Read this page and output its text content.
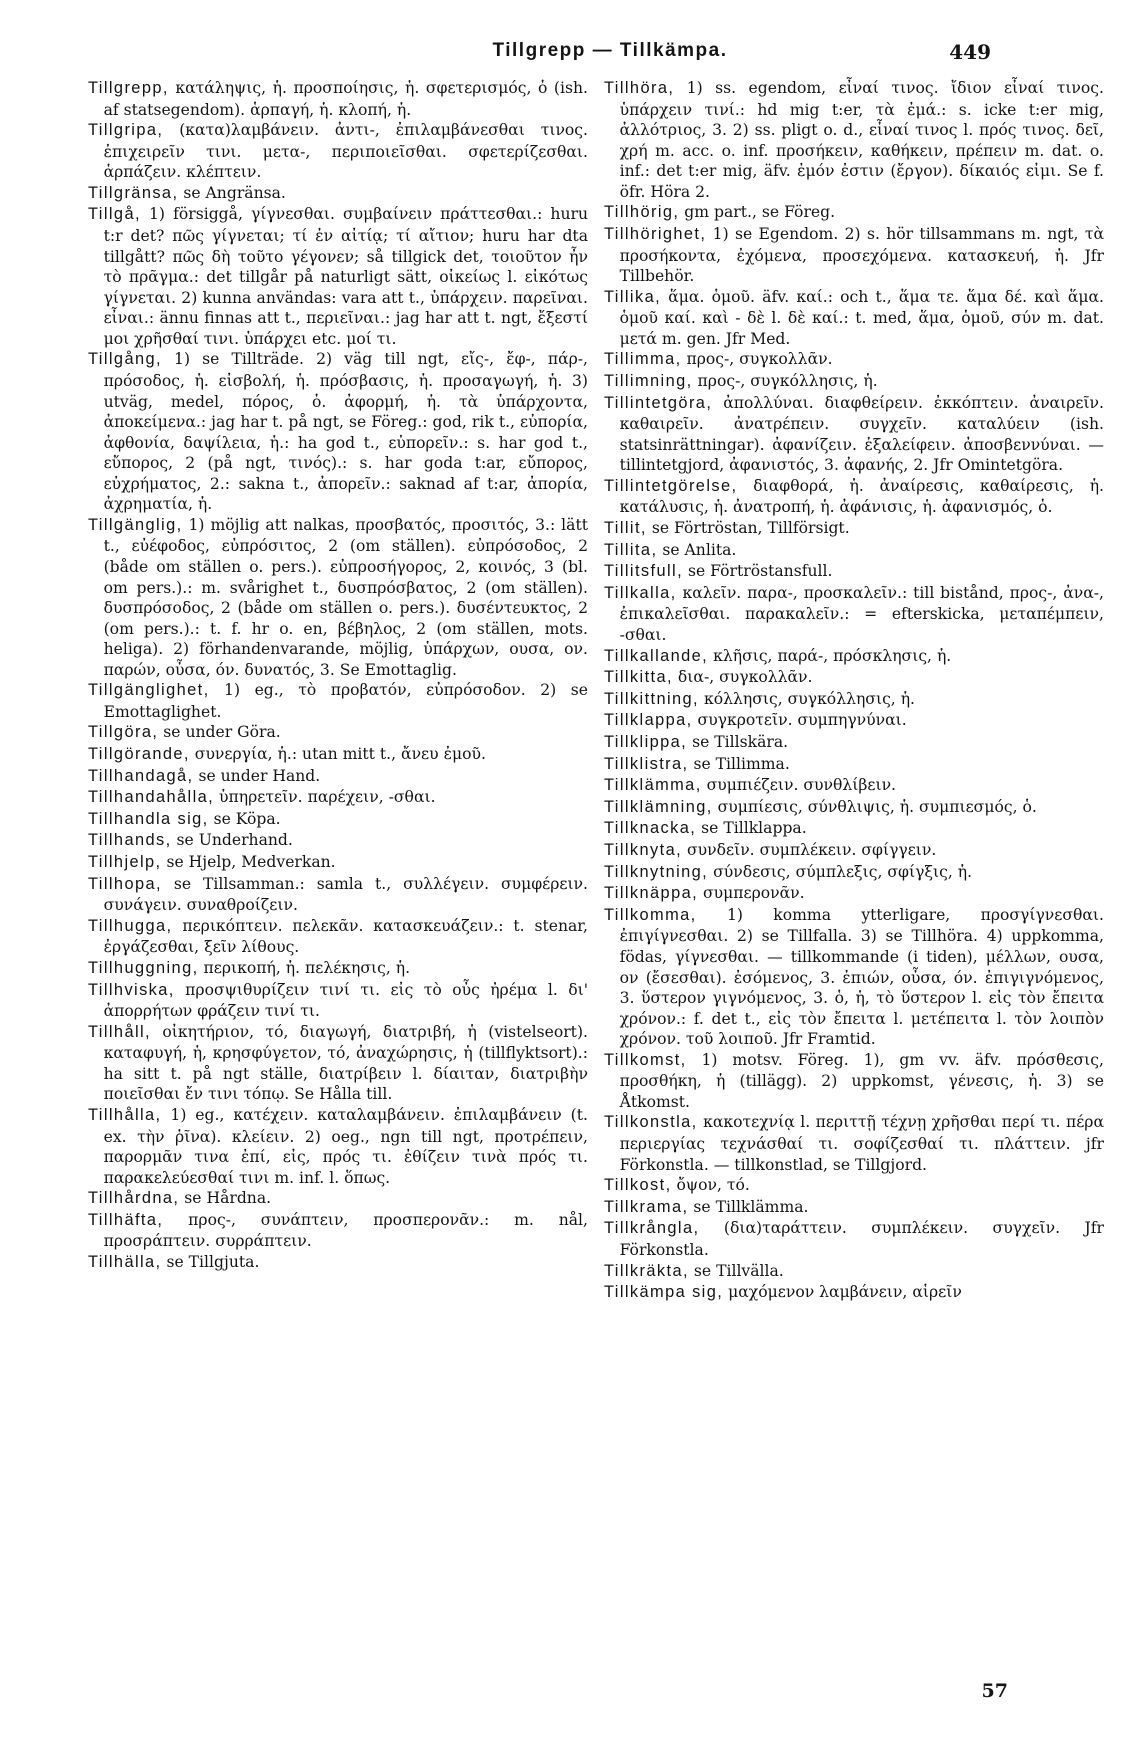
Tillgrepp — Tillkämpa.	449

Tillgrepp, κατάληψις, ἡ. προσποίησις, ἡ. σφετερισμός, ὁ (ish. af statsegendom). ἁρπαγή, ἡ. κλοπή, ἡ.

Tillgripa, (κατα)λαμβάνειν. ἀντι-, ἐπιλαμβάνεσθαι τινος. ἐπιχειρεῖν τινι. μετα-, περιποιεῖσθαι. σφετερίζεσθαι. ἁρπάζειν. κλέπτειν.

Tillgränsa, se Angränsa.

Tillgå, 1) försiggå, γίγνεσθαι. συμβαίνειν πράττεσθαι.: huru t:r det? πῶς γίγνεται; τί ἐν αἰτίᾳ; τί αἴτιον; huru har dta tillgått? πῶς δὴ τοῦτο γέγονεν; så tillgick det, τοιοῦτον ἦν τὸ πρᾶγμα.: det tillgår på naturligt sätt, οἰκείως l. εἰκότως γίγνεται. 2) kunna användas: vara att t., ὑπάρχειν. παρεῖναι. εἶναι.: ännu finnas att t., περιεῖναι.: jag har att t. ngt, ἔξεστί μοι χρῆσθαί τινι. ὑπάρχει etc. μοί τι.

Tillgång, 1) se Tillträde. 2) väg till ngt, εἴς-, ἔφ-, πάρ-, πρόσοδος, ἡ. εἰσβολή, ἡ. πρόσβασις, ἡ. προσαγωγή, ἡ. 3) utväg, medel, πόρος, ὁ. ἀφορμή, ἡ. τὰ ὑπάρχοντα, ἀποκείμενα.: jag har t. på ngt, se Föreg.: god, rik t., εὐπορία, ἀφθονία, δαψίλεια, ἡ.: ha god t., εὐπορεῖν.: s. har god t., εὔπορος, 2 (på ngt, τινός).: s. har goda t:ar, εὔπορος, εὐχρήματος, 2.: sakna t., ἀπορεῖν.: saknad af t:ar, ἀπορία, ἀχρηματία, ἡ.

Tillgänglig, 1) möjlig att nalkas, προσβατός, προσιτός, 3.: lätt t., εὐέφοδος, εὐπρόσιτος, 2 (om ställen). εὐπρόσοδος, 2 (både om ställen o. pers.). εὐπροσήγορος, 2, κοινός, 3 (bl. om pers.).: m. svårighet t., δυσπρόσβατος, 2 (om ställen). δυσπρόσοδος, 2 (både om ställen o. pers.). δυσέντευκτος, 2 (om pers.).: t. f. hr o. en, βέβηλος, 2 (om ställen, mots. heliga). 2) förhandenvarande, möjlig, ὑπάρχων, ουσα, ον. παρών, οὖσα, όν. δυνατός, 3. Se Emottaglig.

Tillgänglighet, 1) eg., τὸ προβατόν, εὐπρόσοδον. 2) se Emottaglighet.

Tillgöra, se under Göra.

Tillgörande, συνεργία, ἡ.: utan mitt t., ἄνευ ἐμοῦ.

Tillhandagå, se under Hand.

Tillhandahålla, ὑπηρετεῖν. παρέχειν, -σθαι.

Tillhandla sig, se Köpa.

Tillhands, se Underhand.

Tillhjelp, se Hjelp, Medverkan.

Tillhopa, se Tillsamman.: samla t., συλλέγειν. συμφέρειν. συνάγειν. συναθροίζειν.

Tillhugga, περικόπτειν. πελεκᾶν. κατασκευάζειν.: t. stenar, ἐργάζεσθαι, ξεῖν λίθους.

Tillhuggning, περικοπή, ἡ. πελέκησις, ἡ.

Tillhviska, προσψιθυρίζειν τινί τι. εἰς τὸ οὖς ἠρέμα l. δι' ἀπορρήτων φράζειν τινί τι.

Tillhåll, οἰκητήριον, τό, διαγωγή, διατριβή, ἡ (vistelseort). καταφυγή, ἡ, κρησφύγετον, τό, ἀναχώρησις, ἡ (tillflyktsort).: ha sitt t. på ngt ställe, διατρίβειν l. δίαιταν, διατριβὴν ποιεῖσθαι ἔν τινι τόπῳ. Se Hålla till.

Tillhålla, 1) eg., κατέχειν. καταλαμβάνειν. ἐπιλαμβάνειν (t. ex. τὴν ῥῖνα). κλείειν. 2) oeg., ngn till ngt, προτρέπειν, παρορμᾶν τινα ἐπί, εἰς, πρός τι. ἐθίζειν τινὰ πρός τι. παρακελεύεσθαί τινι m. inf. l. ὅπως.

Tillhårdna, se Hårdna.

Tillhäfta, προς-, συνάπτειν, προσπερονᾶν.: m. nål, προσράπτειν. συρράπτειν.

Tillhälla, se Tillgjuta.

Tillhöra, 1) ss. egendom, εἶναί τινος. ἴδιον εἶναί τινος. ὑπάρχειν τινί.: hd mig t:er, τὰ ἐμά.: s. icke t:er mig, ἀλλότριος, 3. 2) ss. pligt o. d., εἶναί τινος l. πρός τινος. δεῖ, χρή m. acc. o. inf. προσήκειν, καθήκειν, πρέπειν m. dat. o. inf.: det t:er mig, äfv. ἐμόν ἐστιν (ἔργον). δίκαιός εἰμι. Se f. öfr. Höra 2.

Tillhörig, gm part., se Föreg.

Tillhörighet, 1) se Egendom. 2) s. hör tillsammans m. ngt, τὰ προσήκοντα, ἐχόμενα, προσεχόμενα. κατασκευή, ἡ. Jfr Tillbehör.

Tillika, ἅμα. ὁμοῦ. äfv. καί.: och t., ἅμα τε. ἅμα δέ. καὶ ἅμα. ὁμοῦ καί. καὶ - δὲ l. δὲ καί.: t. med, ἅμα, ὁμοῦ, σύν m. dat. μετά m. gen. Jfr Med.

Tillimma, προς-, συγκολλᾶν.

Tillimning, προς-, συγκόλλησις, ἡ.

Tillintetgöra, ἀπολλύναι. διαφθείρειν. ἐκκόπτειν. ἀναιρεῖν. καθαιρεῖν. ἀνατρέπειν. συγχεῖν. καταλύειν (ish. statsinrättningar). ἀφανίζειν. ἐξαλείφειν. ἀποσβεννύναι. — tillintetgjord, ἀφανιστός, 3. ἀφανής, 2. Jfr Omintetgöra.

Tillintetgörelse, διαφθορά, ἡ. ἀναίρεσις, καθαίρεσις, ἡ. κατάλυσις, ἡ. ἀνατροπή, ἡ. ἀφάνισις, ἡ. ἀφανισμός, ὁ.

Tillit, se Förtröstan, Tillförsigt.

Tillita, se Anlita.

Tillitsfull, se Förtröstansfull.

Tillkalla, καλεῖν. παρα-, προσκαλεῖν.: till bistånd, προς-, ἀνα-, ἐπικαλεῖσθαι. παρακαλεῖν.: = efterskicka, μεταπέμπειν, -σθαι.

Tillkallande, κλῆσις, παρά-, πρόσκλησις, ἡ.

Tillkitta, δια-, συγκολλᾶν.

Tillkittning, κόλλησις, συγκόλλησις, ἡ.

Tillklappa, συγκροτεῖν. συμπηγνύναι.

Tillklippa, se Tillskära.

Tillklistra, se Tillimma.

Tillklämma, συμπιέζειν. συνθλίβειν.

Tillklämning, συμπίεσις, σύνθλιψις, ἡ. συμπιεσμός, ὁ.

Tillknacka, se Tillklappa.

Tillknyta, συνδεῖν. συμπλέκειν. σφίγγειν.

Tillknytning, σύνδεσις, σύμπλεξις, σφίγξις, ἡ.

Tillknäppa, συμπερονᾶν.

Tillkomma, 1) komma ytterligare, προσγίγνεσθαι. ἐπιγίγνεσθαι. 2) se Tillfalla. 3) se Tillhöra. 4) uppkomma, födas, γίγνεσθαι. — tillkommande (i tiden), μέλλων, ουσα, ον (ἔσεσθαι). ἐσόμενος, 3. ἐπιών, οὖσα, όν. ἐπιγιγνόμενος, 3. ὕστερον γιγνόμενος, 3. ὁ, ἡ, τὸ ὕστερον l. εἰς τὸν ἔπειτα χρόνον.: f. det t., εἰς τὸν ἔπειτα l. μετέπειτα l. τὸν λοιπὸν χρόνον. τοῦ λοιποῦ. Jfr Framtid.

Tillkomst, 1) motsv. Föreg. 1), gm vv. äfv. πρόσθεσις, προσθήκη, ἡ (tillägg). 2) uppkomst, γένεσις, ἡ. 3) se Åtkomst.

Tillkonstla, κακοτεχνίᾳ l. περιττῇ τέχνῃ χρῆσθαι περί τι. πέρα περιεργίας τεχνάσθαί τι. σοφίζεσθαί τι. πλάττειν. jfr Förkonstla. — tillkonstlad, se Tillgjord.

Tillkost, ὄψον, τό.

Tillkrama, se Tillklämma.

Tillkrångla, (δια)ταράττειν. συμπλέκειν. συγχεῖν. Jfr Förkonstla.

Tillkräkta, se Tillvälla.

Tillkämpa sig, μαχόμενον λαμβάνειν, αἱρεῖν

57
